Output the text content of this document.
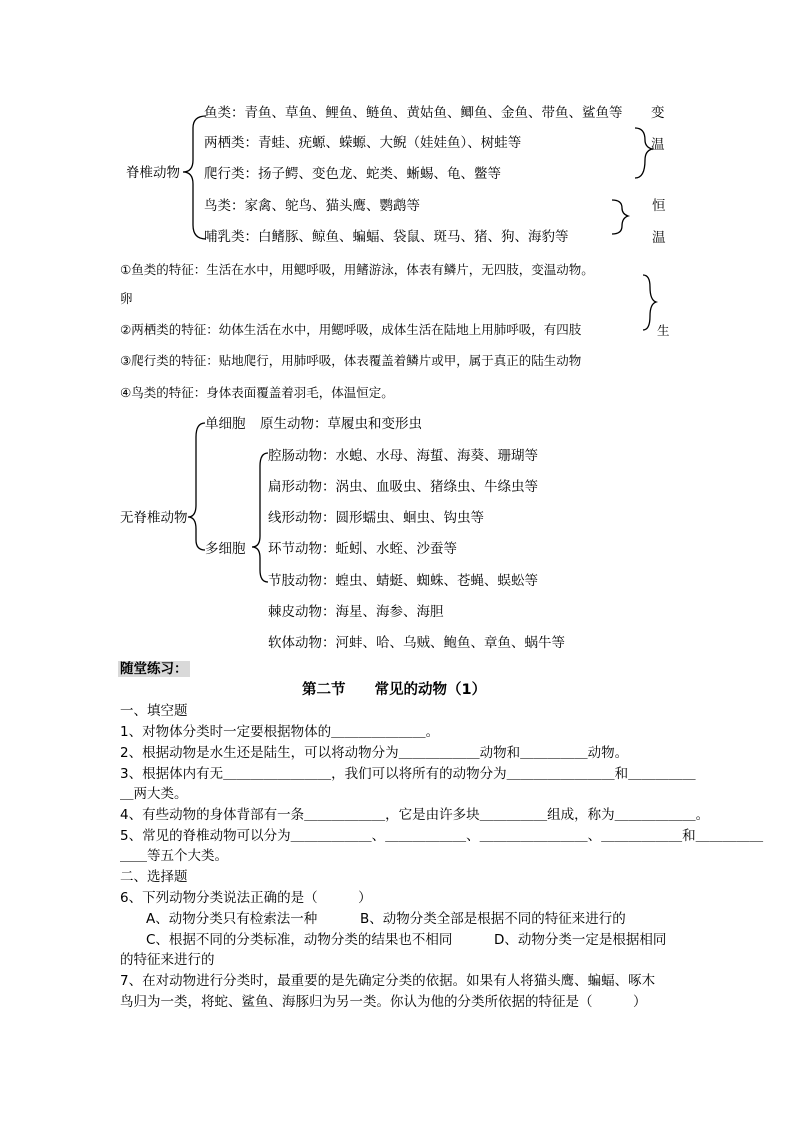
鱼类：青鱼、草鱼、鲤鱼、鲢鱼、黄姑鱼、鲫鱼、金鱼、带鱼、鲨鱼等 变
两栖类：青蛙、疣螈、蝾螈、大鲵（娃娃鱼）、树蛙等	温
脊椎动物 爬行类：扬子鳄、变色龙、蛇类、蜥蜴、龟、鳖等
鸟类：家禽、鸵鸟、猫头鹰、鹦鹉等	恒
哺乳类：白鳍豚、鲸鱼、蝙蝠、袋鼠、斑马、猪、狗、海豹等	温
①鱼类的特征：生活在水中，用鳃呼吸，用鳍游泳，体表有鳞片，无四肢，变温动物。
卵
②两栖类的特征：幼体生活在水中，用鳃呼吸，成体生活在陆地上用肺呼吸，有四肢	生
③爬行类的特征：贴地爬行，用肺呼吸，体表覆盖着鳞片或甲，属于真正的陆生动物
④鸟类的特征：身体表面覆盖着羽毛，体温恒定。
单细胞 原生动物：草履虫和变形虫
腔肠动物：水螅、水母、海蜇、海葵、珊瑚等
扁形动物：涡虫、血吸虫、猪绦虫、牛绦虫等
无脊椎动物	线形动物：圆形蠕虫、蛔虫、钩虫等
多细胞 环节动物：蚯蚓、水蛭、沙蚕等
节肢动物：蝗虫、蜻蜓、蜘蛛、苍蝇、蜈蚣等
棘皮动物：海星、海参、海胆
软体动物：河蚌、哈、乌贼、鲍鱼、章鱼、蜗牛等
随堂练习：
第二节　　常见的动物（1）
一、填空题
1、对物体分类时一定要根据物体的＿＿＿＿＿＿＿。
2、根据动物是水生还是陆生，可以将动物分为＿＿＿＿＿＿动物和＿＿＿＿＿动物。
3、根据体内有无＿＿＿＿＿＿＿＿，我们可以将所有的动物分为＿＿＿＿＿＿＿＿和＿＿＿＿＿
＿两大类。
4、有些动物的身体背部有一条＿＿＿＿＿＿，它是由许多块＿＿＿＿＿组成，称为＿＿＿＿＿＿。
5、常见的脊椎动物可以分为＿＿＿＿＿＿、＿＿＿＿＿＿、＿＿＿＿＿＿＿＿、＿＿＿＿＿＿和＿＿＿＿＿
＿＿等五个大类。
二、选择题
6、下列动物分类说法正确的是（　　　）
A、动物分类只有检索法一种	B、动物分类全部是根据不同的特征来进行的
C、根据不同的分类标准，动物分类的结果也不相同	D、动物分类一定是根据相同
的特征来进行的
7、在对动物进行分类时，最重要的是先确定分类的依据。如果有人将猫头鹰、蝙蝠、啄木
鸟归为一类，将蛇、鲨鱼、海豚归为另一类。你认为他的分类所依据的特征是（　　　）
